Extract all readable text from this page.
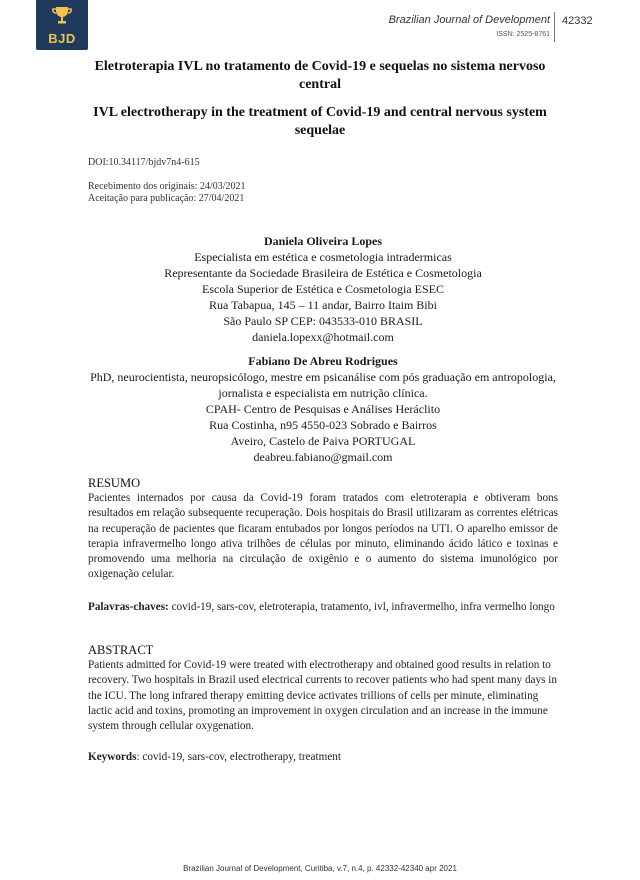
BJD
Brazilian Journal of Development
ISSN: 2525-8761
42332
Eletroterapia IVL no tratamento de Covid-19 e sequelas no sistema nervoso central
IVL electrotherapy in the treatment of Covid-19 and central nervous system sequelae
DOI:10.34117/bjdv7n4-615
Recebimento dos originais: 24/03/2021
Aceitação para publicação: 27/04/2021
Daniela Oliveira Lopes
Especialista em estética e cosmetologia intradermicas
Representante da Sociedade Brasileira de Estética e Cosmetologia
Escola Superior de Estética e Cosmetologia ESEC
Rua Tabapua, 145 – 11 andar, Bairro Itaim Bibi
São Paulo SP CEP: 043533-010 BRASIL
daniela.lopexx@hotmail.com
Fabiano De Abreu Rodrigues
PhD, neurocientista, neuropsicólogo, mestre em psicanálise com pós graduação em antropologia, jornalista e especialista em nutrição clínica.
CPAH- Centro de Pesquisas e Análises Heráclito
Rua Costinha, n95 4550-023 Sobrado e Bairros
Aveiro, Castelo de Paiva PORTUGAL
deabreu.fabiano@gmail.com
RESUMO
Pacientes internados por causa da Covid-19 foram tratados com eletroterapia e obtiveram bons resultados em relação subsequente recuperação. Dois hospitais do Brasil utilizaram as correntes elétricas na recuperação de pacientes que ficaram entubados por longos períodos na UTI. O aparelho emissor de terapia infravermelho longo ativa trilhões de células por minuto, eliminando ácido lático e toxinas e promovendo uma melhoria na circulação de oxigênio e o aumento do sistema imunológico por oxigenação celular.
Palavras-chaves: covid-19, sars-cov, eletroterapia, tratamento, ivl, infravermelho, infra vermelho longo
ABSTRACT
Patients admitted for Covid-19 were treated with electrotherapy and obtained good results in relation to recovery. Two hospitals in Brazil used electrical currents to recover patients who had spent many days in the ICU. The long infrared therapy emitting device activates trillions of cells per minute, eliminating lactic acid and toxins, promoting an improvement in oxygen circulation and an increase in the immune system through cellular oxygenation.
Keywords: covid-19, sars-cov, electrotherapy, treatment
Brazilian Journal of Development, Curitiba, v.7, n.4, p. 42332-42340 apr 2021
